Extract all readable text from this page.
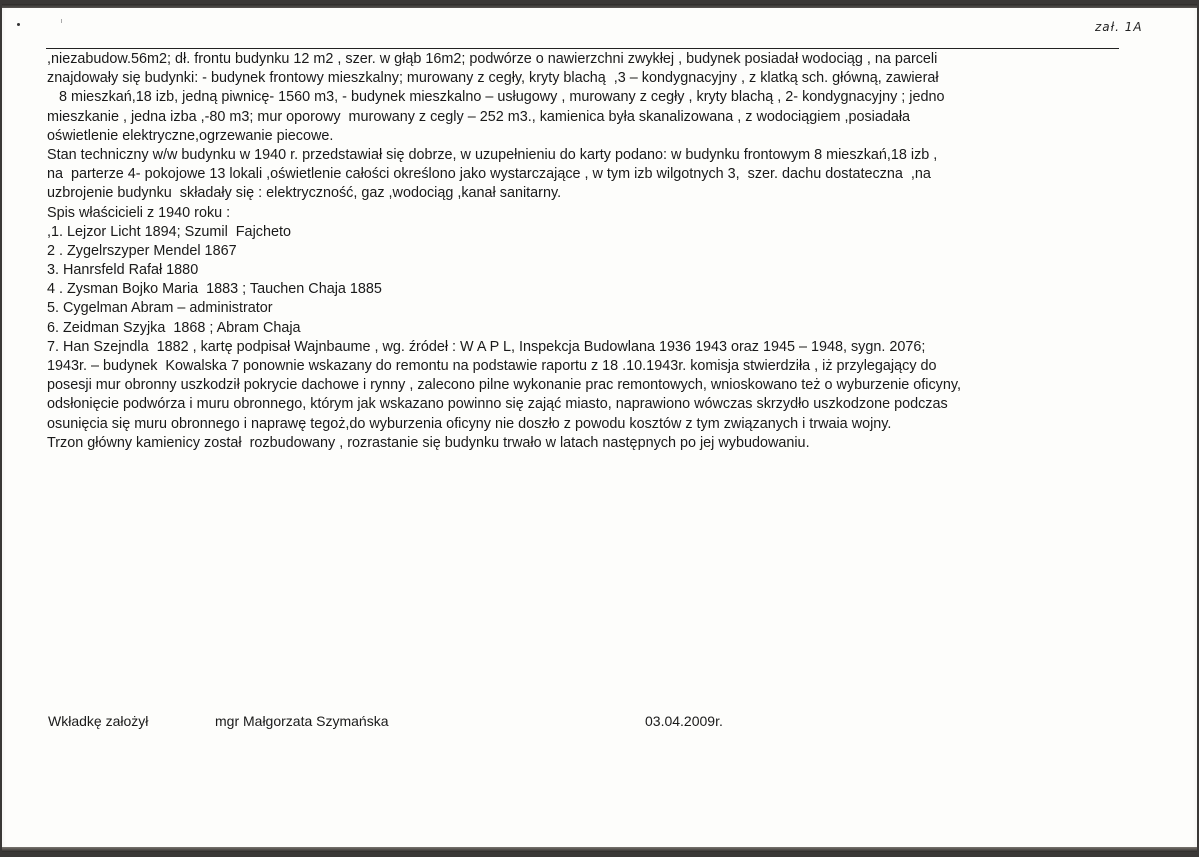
zał. 1A
,niezabudow.56m2; dł. frontu budynku 12 m2 , szer. w głąb 16m2; podwórze o nawierzchni zwykłej , budynek posiadał wodociąg , na parceli
znajdowały się budynki: - budynek frontowy mieszkalny; murowany z cegły, kryty blachą  ,3 – kondygnacyjny , z klatką sch. główną, zawierał
8 mieszkań,18 izb, jedną piwnicę- 1560 m3, - budynek mieszkalno – usługowy , murowany z cegły , kryty blachą , 2- kondygnacyjny ; jedno
mieszkanie , jedna izba ,-80 m3; mur oporowy  murowany z cegly – 252 m3., kamienica była skanalizowana , z wodociągiem ,posiadała
oświetlenie elektryczne,ogrzewanie piecowe.
Stan techniczny w/w budynku w 1940 r. przedstawiał się dobrze, w uzupełnieniu do karty podano: w budynku frontowym 8 mieszkań,18 izb ,
na  parterze 4- pokojowe 13 lokali ,oświetlenie całości określono jako wystarczające , w tym izb wilgotnych 3,  szer. dachu dostateczna  ,na
uzbrojenie budynku  składały się : elektryczność, gaz ,wodociąg ,kanał sanitarny.
Spis właścicieli z 1940 roku :
,1. Lejzor Licht 1894; Szumil  Fajcheto
2 . Zygelrszyper Mendel 1867
3. Hanrsfeld Rafał 1880
4 . Zysman Bojko Maria  1883 ; Tauchen Chaja 1885
5. Cygelman Abram – administrator
6. Zeidman Szyjka  1868 ; Abram Chaja
7. Han Szejndla  1882 , kartę podpisał Wajnbaume , wg. źródeł : W A P L, Inspekcja Budowlana 1936 1943 oraz 1945 – 1948, sygn. 2076;
1943r. – budynek  Kowalska 7 ponownie wskazany do remontu na podstawie raportu z 18 .10.1943r. komisja stwierdziła , iż przylegający do
posesji mur obronny uszkodził pokrycie dachowe i rynny , zalecono pilne wykonanie prac remontowych, wnioskowano też o wyburzenie oficyny,
odsłonięcie podwórza i muru obronnego, którym jak wskazano powinno się zająć miasto, naprawiono wówczas skrzydło uszkodzone podczas
osunięcia się muru obronnego i naprawę tegoż,do wyburzenia oficyny nie doszło z powodu kosztów z tym związanych i trwaia wojny.
Trzon główny kamienicy został  rozbudowany , rozrastanie się budynku trwało w latach następnych po jej wybudowaniu.
Wkładkę założył	mgr Małgorzata Szymańska	03.04.2009r.
